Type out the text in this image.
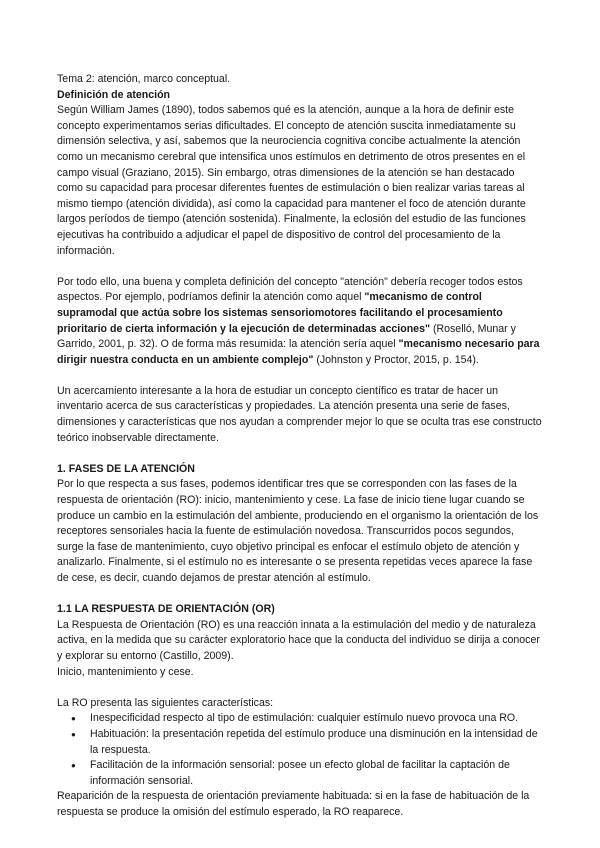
Tema 2: atención, marco conceptual.

Definición de atención

Según William James (1890), todos sabemos qué es la atención, aunque a la hora de definir este concepto experimentamos serias dificultades. El concepto de atención suscita inmediatamente su dimensión selectiva, y así, sabemos que la neurociencia cognitiva concibe actualmente la atención como un mecanismo cerebral que intensifica unos estímulos en detrimento de otros presentes en el campo visual (Graziano, 2015). Sin embargo, otras dimensiones de la atención se han destacado como su capacidad para procesar diferentes fuentes de estimulación o bien realizar varias tareas al mismo tiempo (atención dividida), así como la capacidad para mantener el foco de atención durante largos períodos de tiempo (atención sostenida). Finalmente, la eclosión del estudio de las funciones ejecutivas ha contribuido a adjudicar el papel de dispositivo de control del procesamiento de la información.

Por todo ello, una buena y completa definición del concepto "atención" debería recoger todos estos aspectos. Por ejemplo, podríamos definir la atención como aquel "mecanismo de control supramodal que actúa sobre los sistemas sensoriomotores facilitando el procesamiento prioritario de cierta información y la ejecución de determinadas acciones" (Roselló, Munar y Garrido, 2001, p. 32). O de forma más resumida: la atención sería aquel "mecanismo necesario para dirigir nuestra conducta en un ambiente complejo" (Johnston y Proctor, 2015, p. 154).

Un acercamiento interesante a la hora de estudiar un concepto científico es tratar de hacer un inventario acerca de sus características y propiedades. La atención presenta una serie de fases, dimensiones y características que nos ayudan a comprender mejor lo que se oculta tras ese constructo teórico inobservable directamente.

1. FASES DE LA ATENCIÓN

Por lo que respecta a sus fases, podemos identificar tres que se corresponden con las fases de la respuesta de orientación (RO): inicio, mantenimiento y cese. La fase de inicio tiene lugar cuando se produce un cambio en la estimulación del ambiente, produciendo en el organismo la orientación de los receptores sensoriales hacia la fuente de estimulación novedosa. Transcurridos pocos segundos, surge la fase de mantenimiento, cuyo objetivo principal es enfocar el estímulo objeto de atención y analizarlo. Finalmente, si el estímulo no es interesante o se presenta repetidas veces aparece la fase de cese, es decir, cuando dejamos de prestar atención al estímulo.

1.1 LA RESPUESTA DE ORIENTACIÓN (OR)

La Respuesta de Orientación (RO) es una reacción innata a la estimulación del medio y de naturaleza activa, en la medida que su carácter exploratorio hace que la conducta del individuo se dirija a conocer y explorar su entorno (Castillo, 2009).

Inicio, mantenimiento y cese.

La RO presenta las siguientes características:

● Inespecificidad respecto al tipo de estimulación: cualquier estímulo nuevo provoca una RO.
● Habituación: la presentación repetida del estímulo produce una disminución en la intensidad de la respuesta.
● Facilitación de la información sensorial: posee un efecto global de facilitar la captación de información sensorial.

Reaparición de la respuesta de orientación previamente habituada: si en la fase de habituación de la respuesta se produce la omisión del estímulo esperado, la RO reaparece.
